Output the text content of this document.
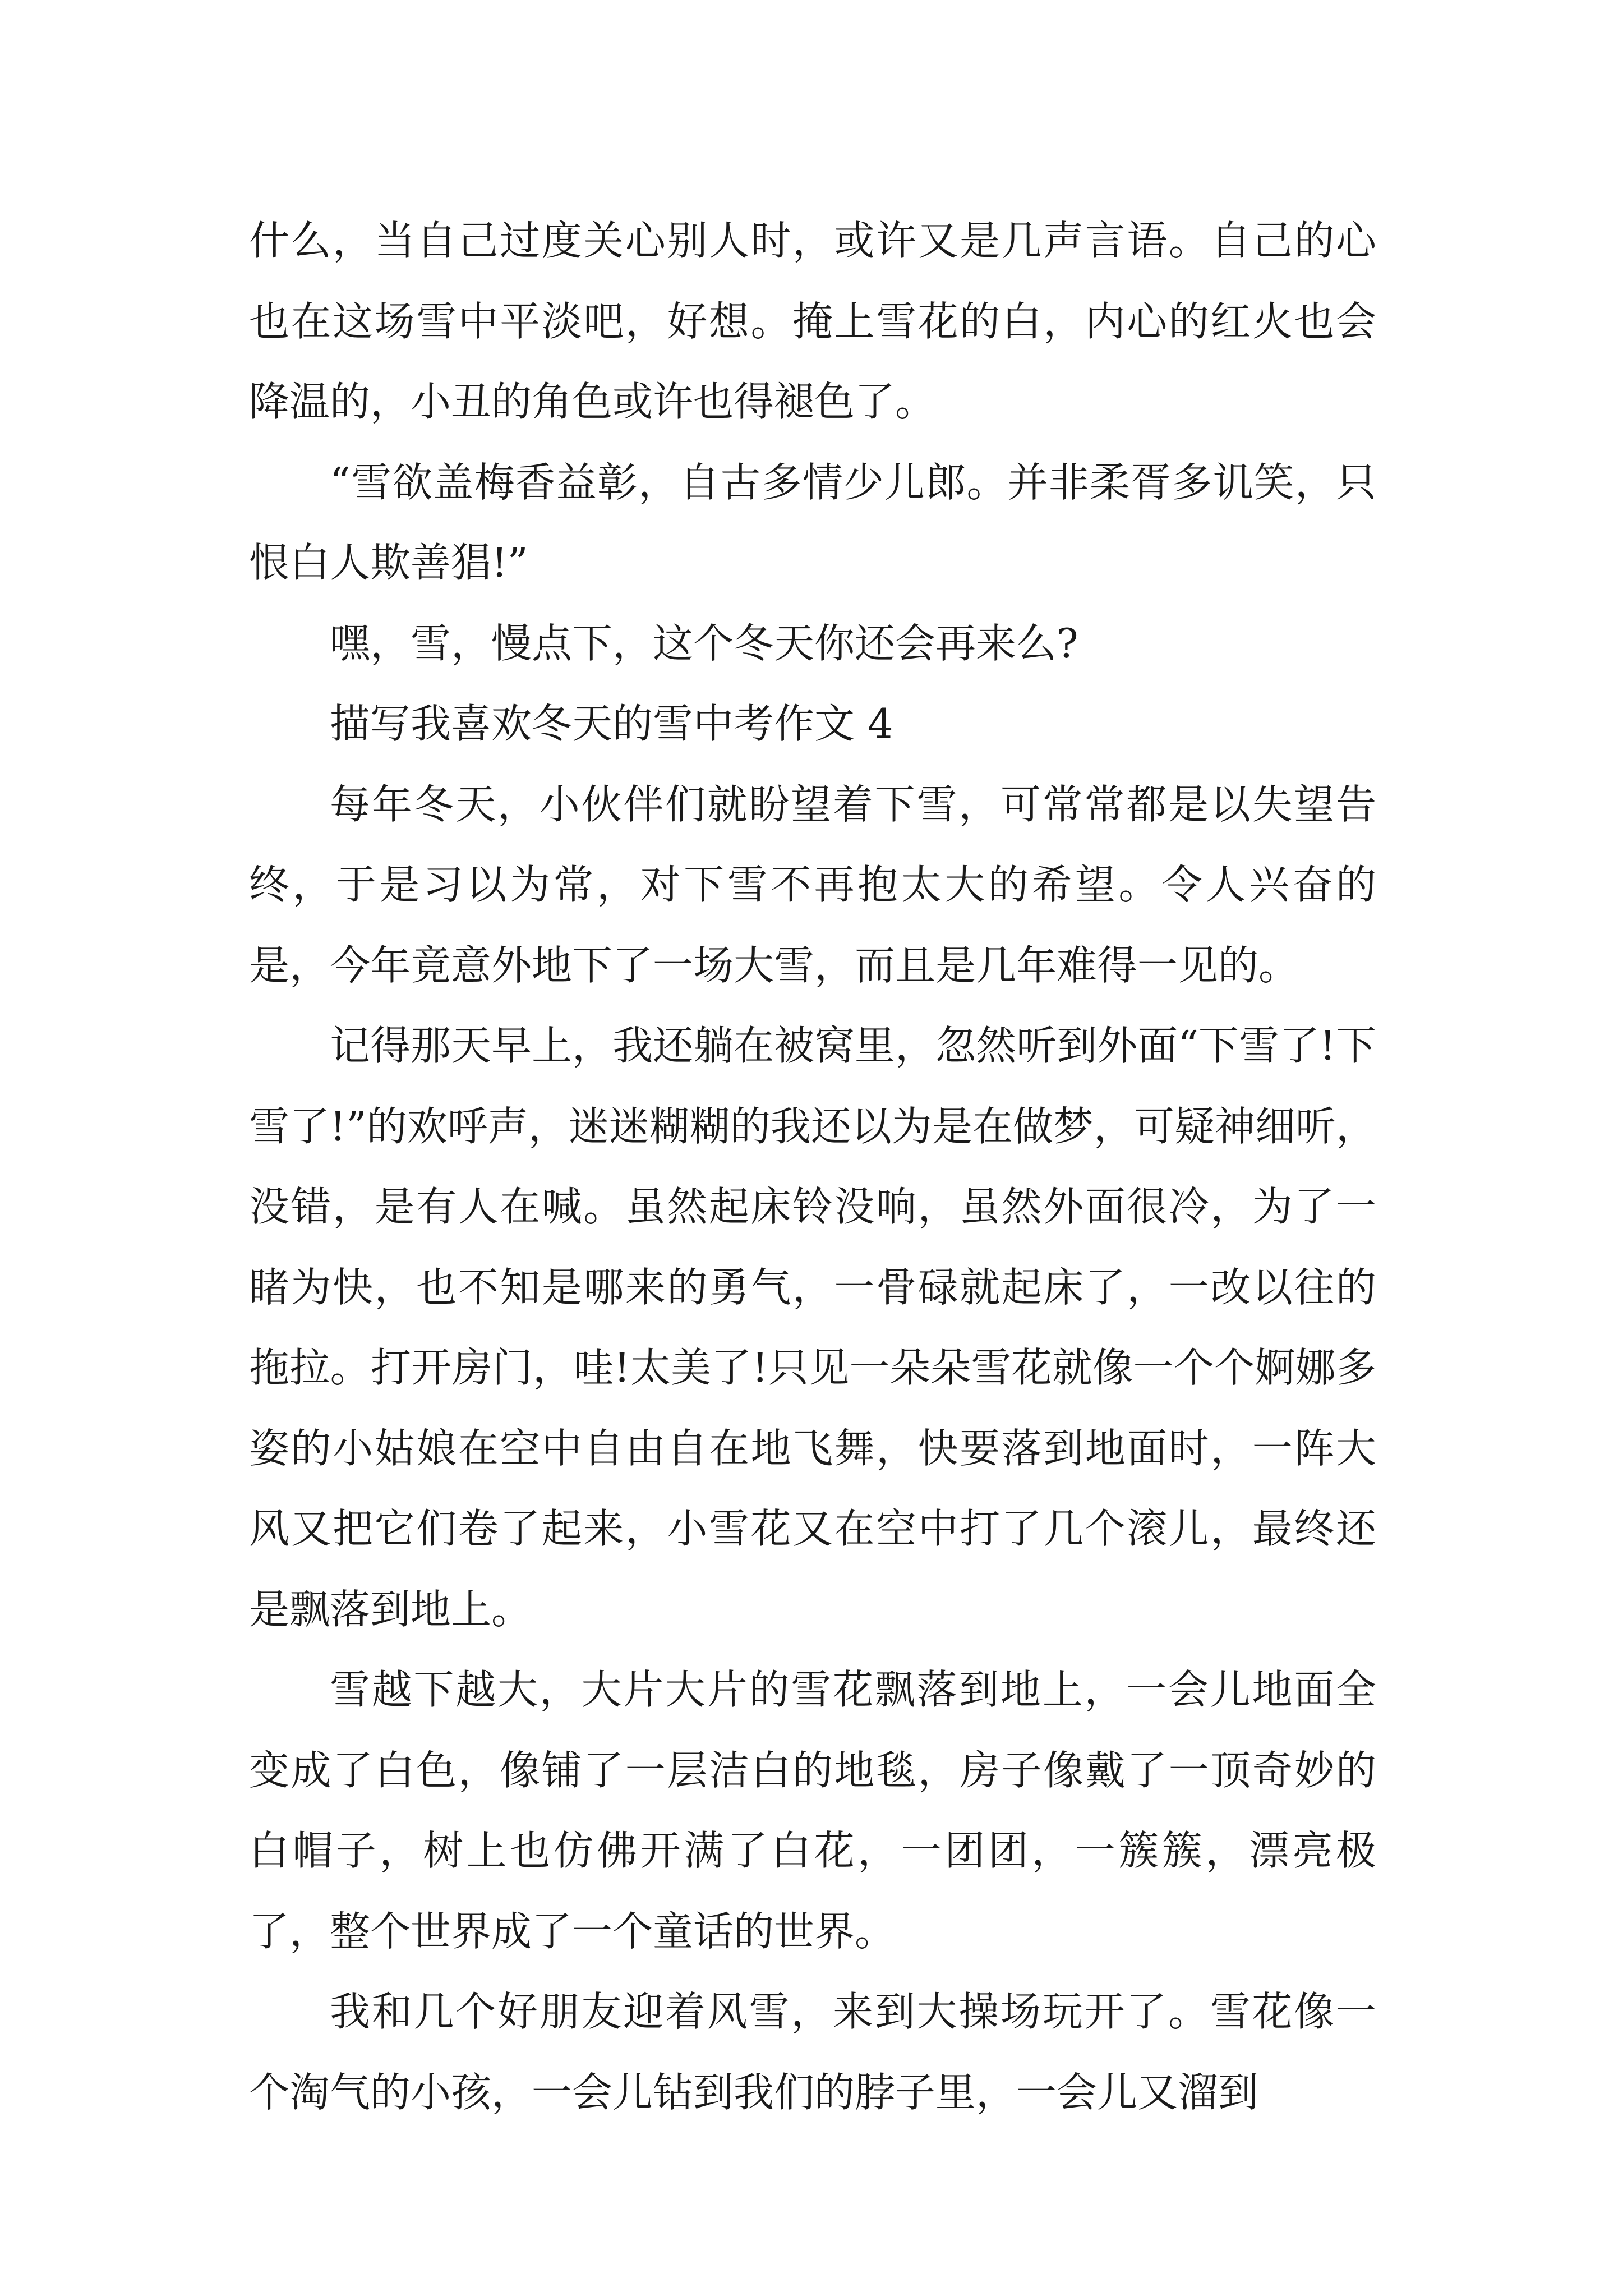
什么，当自己过度关心别人时，或许又是几声言语。自己的心也在这场雪中平淡吧，好想。掩上雪花的白，内心的红火也会降温的，小丑的角色或许也得褪色了。

“雪欲盖梅香益彰，自古多情少儿郎。并非柔胥多讥笑，只恨白人欺善猖!”

嘿，雪，慢点下，这个冬天你还会再来么?

描写我喜欢冬天的雪中考作文 4

每年冬天，小伙伴们就盼望着下雪，可常常都是以失望告终，于是习以为常，对下雪不再抱太大的希望。令人兴奋的是，今年竟意外地下了一场大雪，而且是几年难得一见的。

记得那天早上，我还躺在被窝里，忽然听到外面“下雪了!下雪了!”的欢呼声，迷迷糊糊的我还以为是在做梦，可疑神细听，没错，是有人在喊。虽然起床铃没响，虽然外面很冷，为了一睹为快，也不知是哪来的勇气，一骨碌就起床了，一改以往的拖拉。打开房门，哇!太美了!只见一朵朵雪花就像一个个婀娜多姿的小姑娘在空中自由自在地飞舞，快要落到地面时，一阵大风又把它们卷了起来，小雪花又在空中打了几个滚儿，最终还是飘落到地上。

雪越下越大，大片大片的雪花飘落到地上，一会儿地面全变成了白色，像铺了一层洁白的地毯，房子像戴了一顶奇妙的白帽子，树上也仿佛开满了白花，一团团，一簇簇，漂亮极了，整个世界成了一个童话的世界。

我和几个好朋友迎着风雪，来到大操场玩开了。雪花像一个淘气的小孩，一会儿钻到我们的脖子里，一会儿又溜到
